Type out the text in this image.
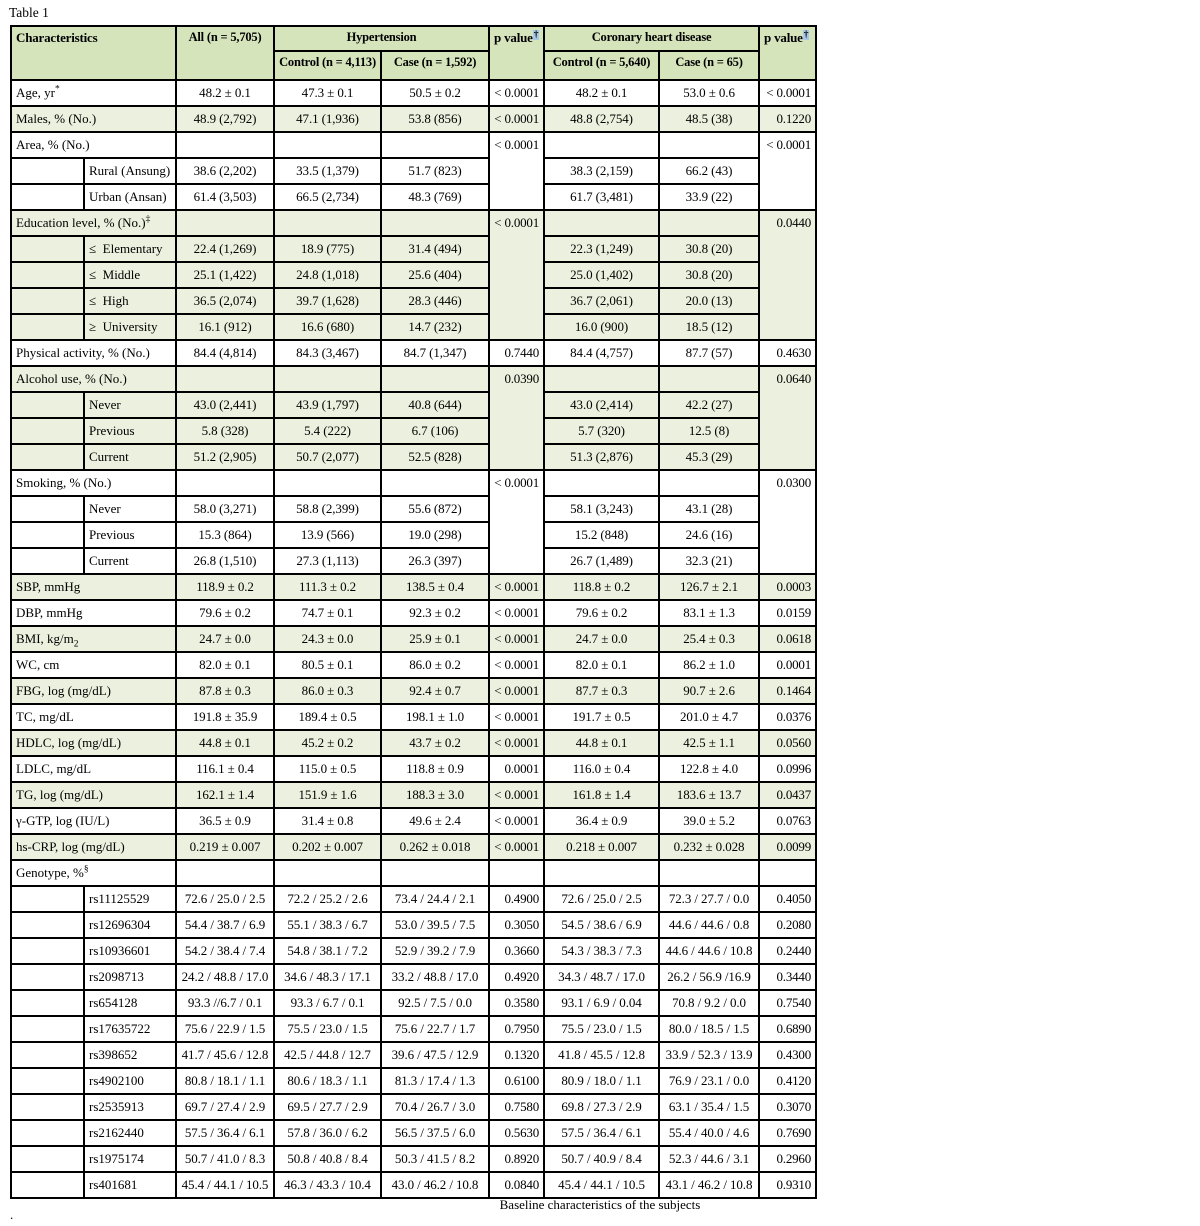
Table 1
Characteristics		All (n = 5,705)	Hypertension		p value†	Coronary heart disease		p value†
			Control (n = 4,113)	Case (n = 1,592)		Control (n = 5,640)	Case (n = 65)	
Age, yr*		48.2 ± 0.1	47.3 ± 0.1	50.5 ± 0.2	< 0.0001	48.2 ± 0.1	53.0 ± 0.6	< 0.0001
Males, % (No.)		48.9 (2,792)	47.1 (1,936)	53.8 (856)	< 0.0001	48.8 (2,754)	48.5 (38)	0.1220
Area, % (No.)					< 0.0001			< 0.0001
	Rural (Ansung)	38.6 (2,202)	33.5 (1,379)	51.7 (823)		38.3 (2,159)	66.2 (43)	
	Urban (Ansan)	61.4 (3,503)	66.5 (2,734)	48.3 (769)		61.7 (3,481)	33.9 (22)	
Education level, % (No.)‡					< 0.0001			0.0440
	≤  Elementary	22.4 (1,269)	18.9 (775)	31.4 (494)		22.3 (1,249)	30.8 (20)	
	≤  Middle	25.1 (1,422)	24.8 (1,018)	25.6 (404)		25.0 (1,402)	30.8 (20)	
	≤  High	36.5 (2,074)	39.7 (1,628)	28.3 (446)		36.7 (2,061)	20.0 (13)	
	≥  University	16.1 (912)	16.6 (680)	14.7 (232)		16.0 (900)	18.5 (12)	
Physical activity, % (No.)		84.4 (4,814)	84.3 (3,467)	84.7 (1,347)	0.7440	84.4 (4,757)	87.7 (57)	0.4630
Alcohol use, % (No.)					0.0390			0.0640
	Never	43.0 (2,441)	43.9 (1,797)	40.8 (644)		43.0 (2,414)	42.2 (27)	
	Previous	5.8 (328)	5.4 (222)	6.7 (106)		5.7 (320)	12.5 (8)	
	Current	51.2 (2,905)	50.7 (2,077)	52.5 (828)		51.3 (2,876)	45.3 (29)	
Smoking, % (No.)					< 0.0001			0.0300
	Never	58.0 (3,271)	58.8 (2,399)	55.6 (872)		58.1 (3,243)	43.1 (28)	
	Previous	15.3 (864)	13.9 (566)	19.0 (298)		15.2 (848)	24.6 (16)	
	Current	26.8 (1,510)	27.3 (1,113)	26.3 (397)		26.7 (1,489)	32.3 (21)	
SBP, mmHg		118.9 ± 0.2	111.3 ± 0.2	138.5 ± 0.4	< 0.0001	118.8 ± 0.2	126.7 ± 2.1	0.0003
DBP, mmHg		79.6 ± 0.2	74.7 ± 0.1	92.3 ± 0.2	< 0.0001	79.6 ± 0.2	83.1 ± 1.3	0.0159
BMI, $kg/m_2$		24.7 ± 0.0	24.3 ± 0.0	25.9 ± 0.1	< 0.0001	24.7 ± 0.0	25.4 ± 0.3	0.0618
WC, cm		82.0 ± 0.1	80.5 ± 0.1	86.0 ± 0.2	< 0.0001	82.0 ± 0.1	86.2 ± 1.0	0.0001
FBG, log (mg/dL)		87.8 ± 0.3	86.0 ± 0.3	92.4 ± 0.7	< 0.0001	87.7 ± 0.3	90.7 ± 2.6	0.1464
TC, mg/dL		191.8 ± 35.9	189.4 ± 0.5	198.1 ± 1.0	< 0.0001	191.7 ± 0.5	201.0 ± 4.7	0.0376
HDLC, log (mg/dL)		44.8 ± 0.1	45.2 ± 0.2	43.7 ± 0.2	< 0.0001	44.8 ± 0.1	42.5 ± 1.1	0.0560
LDLC, mg/dL		116.1 ± 0.4	115.0 ± 0.5	118.8 ± 0.9	0.0001	116.0 ± 0.4	122.8 ± 4.0	0.0996
TG, log (mg/dL)		162.1 ± 1.4	151.9 ± 1.6	188.3 ± 3.0	< 0.0001	161.8 ± 1.4	183.6 ± 13.7	0.0437
γ-GTP, log (IU/L)		36.5 ± 0.9	31.4 ± 0.8	49.6 ± 2.4	< 0.0001	36.4 ± 0.9	39.0 ± 5.2	0.0763
hs-CRP, log (mg/dL)		0.219 ± 0.007	0.202 ± 0.007	0.262 ± 0.018	< 0.0001	0.218 ± 0.007	0.232 ± 0.028	0.0099
Genotype, %§							
	rs11125529	72.6 / 25.0 / 2.5	72.2 / 25.2 / 2.6	73.4 / 24.4 / 2.1	0.4900	72.6 / 25.0 / 2.5	72.3 / 27.7 / 0.0	0.4050
	rs12696304	54.4 / 38.7 / 6.9	55.1 / 38.3 / 6.7	53.0 / 39.5 / 7.5	0.3050	54.5 / 38.6 / 6.9	44.6 / 44.6 / 0.8	0.2080
	rs10936601	54.2 / 38.4 / 7.4	54.8 / 38.1 / 7.2	52.9 / 39.2 / 7.9	0.3660	54.3 / 38.3 / 7.3	44.6 / 44.6 / 10.8	0.2440
	rs2098713	24.2 / 48.8 / 17.0	34.6 / 48.3 / 17.1	33.2 / 48.8 / 17.0	0.4920	34.3 / 48.7 / 17.0	26.2 / 56.9 /16.9	0.3440
	rs654128	93.3 //6.7 / 0.1	93.3 / 6.7 / 0.1	92.5 / 7.5 / 0.0	0.3580	93.1 / 6.9 / 0.04	70.8 / 9.2 / 0.0	0.7540
	rs17635722	75.6 / 22.9 / 1.5	75.5 / 23.0 / 1.5	75.6 / 22.7 / 1.7	0.7950	75.5 / 23.0 / 1.5	80.0 / 18.5 / 1.5	0.6890
	rs398652	41.7 / 45.6 / 12.8	42.5 / 44.8 / 12.7	39.6 / 47.5 / 12.9	0.1320	41.8 / 45.5 / 12.8	33.9 / 52.3 / 13.9	0.4300
	rs4902100	80.8 / 18.1 / 1.1	80.6 / 18.3 / 1.1	81.3 / 17.4 / 1.3	0.6100	80.9 / 18.0 / 1.1	76.9 / 23.1 / 0.0	0.4120
	rs2535913	69.7 / 27.4 / 2.9	69.5 / 27.7 / 2.9	70.4 / 26.7 / 3.0	0.7580	69.8 / 27.3 / 2.9	63.1 / 35.4 / 1.5	0.3070
	rs2162440	57.5 / 36.4 / 6.1	57.8 / 36.0 / 6.2	56.5 / 37.5 / 6.0	0.5630	57.5 / 36.4 / 6.1	55.4 / 40.0 / 4.6	0.7690
	rs1975174	50.7 / 41.0 / 8.3	50.8 / 40.8 / 8.4	50.3 / 41.5 / 8.2	0.8920	50.7 / 40.9 / 8.4	52.3 / 44.6 / 3.1	0.2960
	rs401681	45.4 / 44.1 / 10.5	46.3 / 43.3 / 10.4	43.0 / 46.2 / 10.8	0.0840	45.4 / 44.1 / 10.5	43.1 / 46.2 / 10.8	0.9310
Baseline characteristics of the subjects
.
